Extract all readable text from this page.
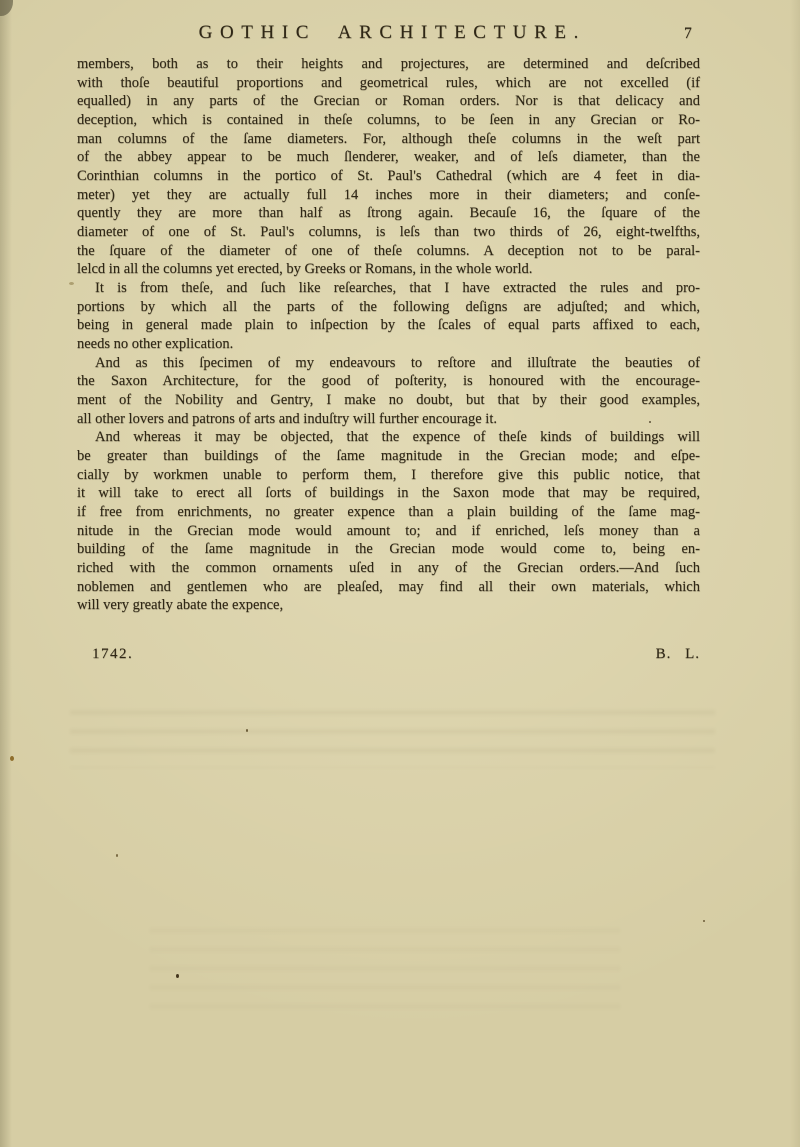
GOTHIC ARCHITECTURE.	7
members, both as to their heights and projectures, are determined and deſcribed
with thoſe beautiful proportions and geometrical rules, which are not excelled (if
equalled) in any parts of the Grecian or Roman orders. Nor is that delicacy and
deception, which is contained in theſe columns, to be ſeen in any Grecian or Ro-
man columns of the ſame diameters. For, although theſe columns in the weſt part
of the abbey appear to be much ſlenderer, weaker, and of leſs diameter, than the
Corinthian columns in the portico of St. Paul's Cathedral (which are 4 feet in dia-
meter) yet they are actually full 14 inches more in their diameters; and conſe-
quently they are more than half as ſtrong again. Becauſe 16, the ſquare of the
diameter of one of St. Paul's columns, is leſs than two thirds of 26, eight-twelfths,
the ſquare of the diameter of one of theſe columns. A deception not to be paral-
lelcd in all the columns yet erected, by Greeks or Romans, in the whole world.
It is from theſe, and ſuch like reſearches, that I have extracted the rules and pro-
portions by which all the parts of the following deſigns are adjuſted; and which,
being in general made plain to inſpection by the ſcales of equal parts affixed to each,
needs no other explication.
And as this ſpecimen of my endeavours to reſtore and illuſtrate the beauties of
the Saxon Architecture, for the good of poſterity, is honoured with the encourage-
ment of the Nobility and Gentry, I make no doubt, but that by their good examples,
all other lovers and patrons of arts and induſtry will further encourage it.
And whereas it may be objected, that the expence of theſe kinds of buildings will
be greater than buildings of the ſame magnitude in the Grecian mode; and eſpe-
cially by workmen unable to perform them, I therefore give this public notice, that
it will take to erect all ſorts of buildings in the Saxon mode that may be required,
if free from enrichments, no greater expence than a plain building of the ſame mag-
nitude in the Grecian mode would amount to; and if enriched, leſs money than a
building of the ſame magnitude in the Grecian mode would come to, being en-
riched with the common ornaments uſed in any of the Grecian orders.—And ſuch
noblemen and gentlemen who are pleaſed, may find all their own materials, which
will very greatly abate the expence,
1742.	B. L.
